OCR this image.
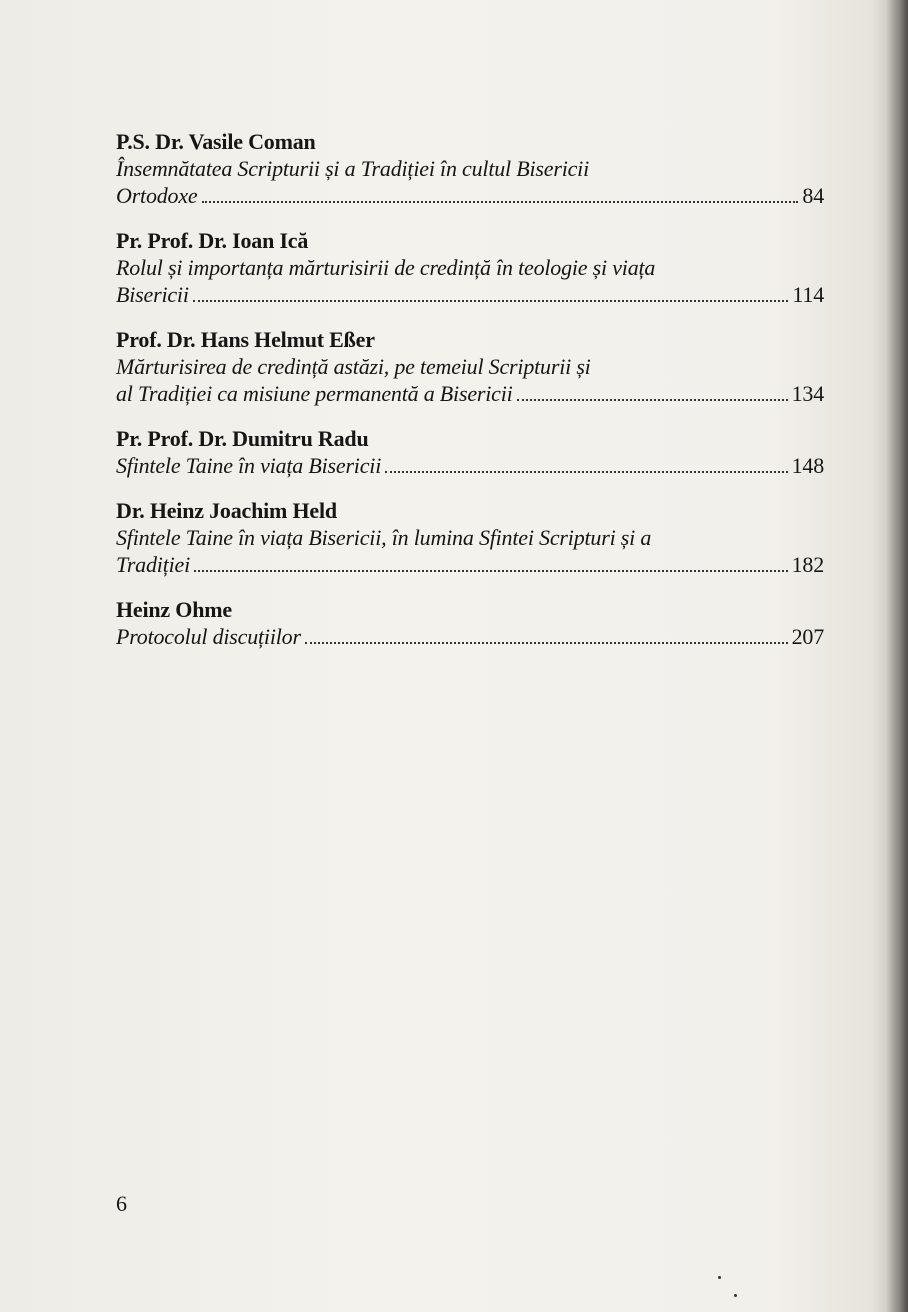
P.S. Dr. Vasile Coman
Însemnătatea Scripturii și a Tradiției în cultul Bisericii
Ortodoxe	84
Pr. Prof. Dr. Ioan Ică
Rolul și importanța mărturisirii de credință în teologie și viața
Bisericii	114
Prof. Dr. Hans Helmut Eßer
Mărturisirea de credință astăzi, pe temeiul Scripturii și
al Tradiției ca misiune permanentă a Bisericii	134
Pr. Prof. Dr. Dumitru Radu
Sfintele Taine în viața Bisericii	148
Dr. Heinz Joachim Held
Sfintele Taine în viața Bisericii, în lumina Sfintei Scripturi și a
Tradiției	182
Heinz Ohme
Protocolul discuțiilor	207
6
